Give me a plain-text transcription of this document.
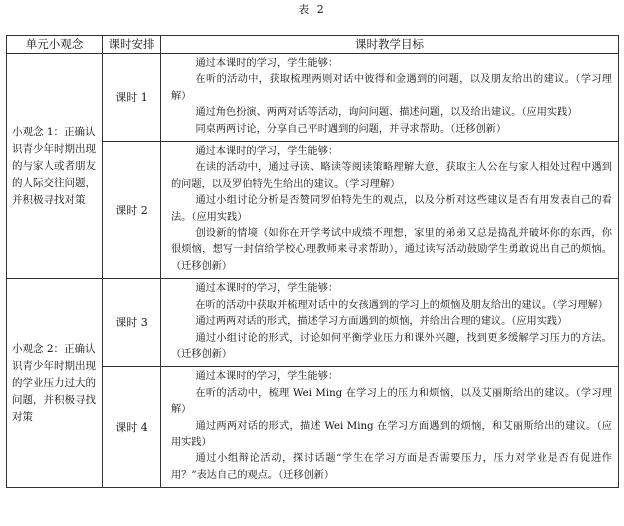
表 2
单元小观念	课时安排	课时教学目标
小观念 1：正确认识青少年时期出现的与家人或者朋友的人际交往问题，并积极寻找对策	课时 1	通过本课时的学习，学生能够：

在听的活动中，获取梳理两则对话中彼得和金遇到的问题，以及朋友给出的建议。（学习理解）

通过角色扮演、两两对话等活动，询问问题、描述问题，以及给出建议。（应用实践）

同桌两两讨论，分享自己平时遇到的问题，并寻求帮助。（迁移创新）

	课时 2	通过本课时的学习，学生能够：

在读的活动中，通过寻读、略读等阅读策略理解大意，获取主人公在与家人相处过程中遇到的问题，以及罗伯特先生给出的建议。（学习理解）

通过小组讨论分析是否赞同罗伯特先生的观点，以及分析对这些建议是否有用发表自己的看法。（应用实践）

创设新的情境（如你在开学考试中成绩不理想，家里的弟弟又总是捣乱并破坏你的东西，你很烦恼，想写一封信给学校心理教师来寻求帮助），通过读写活动鼓励学生勇敢说出自己的烦恼。（迁移创新）

小观念 2：正确认识青少年时期出现的学业压力过大的问题，并积极寻找对策	课时 3	通过本课时的学习，学生能够：

在听的活动中获取并梳理对话中的女孩遇到的学习上的烦恼及朋友给出的建议。（学习理解）

通过两两对话的形式，描述学习方面遇到的烦恼，并给出合理的建议。（应用实践）

通过小组讨论的形式，讨论如何平衡学业压力和课外兴趣，找到更多缓解学习压力的方法。（迁移创新）

	课时 4	通过本课时的学习，学生能够：

在听的活动中，梳理 Wei Ming 在学习上的压力和烦恼，以及艾丽斯给出的建议。（学习理解）

通过两两对话的形式，描述 Wei Ming 在学习方面遇到的烦恼，和艾丽斯给出的建议。（应用实践）

通过小组辩论活动，探讨话题“学生在学习方面是否需要压力，压力对学业是否有促进作用？”表达自己的观点。（迁移创新）
